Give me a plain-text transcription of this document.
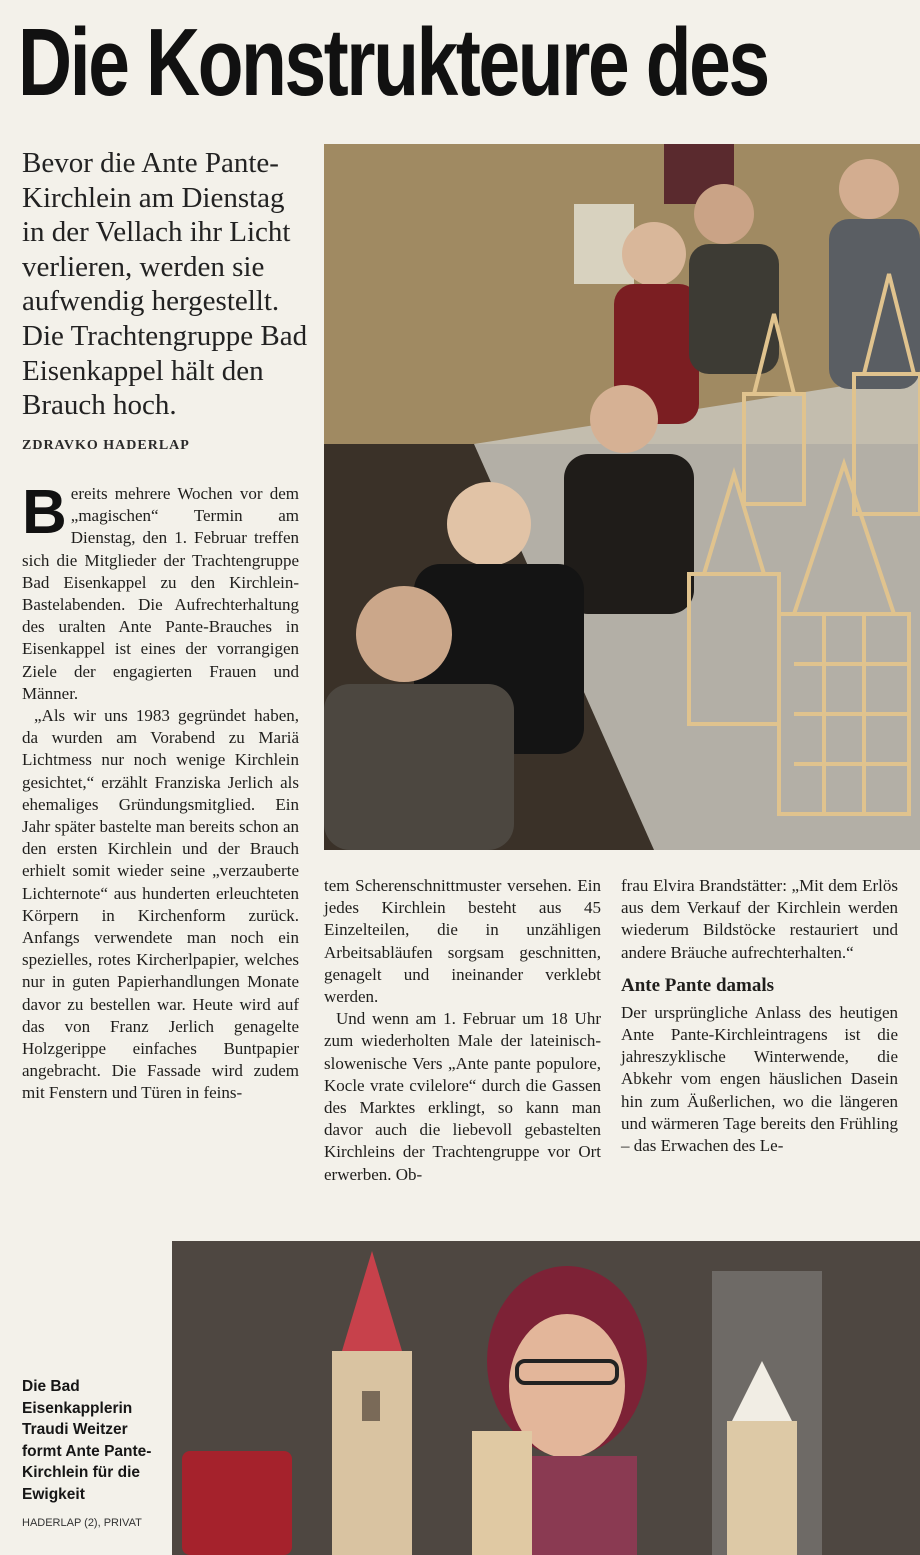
Die Konstrukteure des

Bevor die Ante Pante-Kirchlein am Dienstag in der Vellach ihr Licht verlieren, werden sie aufwendig hergestellt. Die Trachtengruppe Bad Eisenkappel hält den Brauch hoch.

ZDRAVKO HADERLAP

Bereits mehrere Wochen vor dem „magischen“ Termin am Dienstag, den 1. Februar treffen sich die Mitglieder der Trachtengruppe Bad Eisenkappel zu den Kirchlein-Bastelabenden. Die Aufrechterhaltung des uralten Ante Pante-Brauches in Eisenkappel ist eines der vorrangigen Ziele der engagierten Frauen und Männer.

„Als wir uns 1983 gegründet haben, da wurden am Vorabend zu Mariä Lichtmess nur noch wenige Kirchlein gesichtet,“ erzählt Franziska Jerlich als ehemaliges Gründungsmitglied. Ein Jahr später bastelte man bereits schon an den ersten Kirchlein und der Brauch erhielt somit wieder seine „verzauberte Lichternote“ aus hunderten erleuchteten Körpern in Kirchenform zurück. Anfangs verwendete man noch ein spezielles, rotes Kircherlpapier, welches nur in guten Papierhandlungen Monate davor zu bestellen war. Heute wird auf das von Franz Jerlich genagelte Holzgerippe einfaches Buntpapier angebracht. Die Fassade wird zudem mit Fenstern und Türen in feins-

tem Scherenschnittmuster versehen. Ein jedes Kirchlein besteht aus 45 Einzelteilen, die in unzähligen Arbeitsabläufen sorgsam geschnitten, genagelt und ineinander verklebt werden.

Und wenn am 1. Februar um 18 Uhr zum wiederholten Male der lateinisch-slowenische Vers „Ante pante populore, Kocle vrate cvilelore“ durch die Gassen des Marktes erklingt, so kann man davor auch die liebevoll gebastelten Kirchleins der Trachtengruppe vor Ort erwerben. Ob-

frau Elvira Brandstätter: „Mit dem Erlös aus dem Verkauf der Kirchlein werden wiederum Bildstöcke restauriert und andere Bräuche aufrechterhalten.“

Ante Pante damals

Der ursprüngliche Anlass des heutigen Ante Pante-Kirchleintragens ist die jahreszyklische Winterwende, die Abkehr vom engen häuslichen Dasein hin zum Äußerlichen, wo die längeren und wärmeren Tage bereits den Frühling – das Erwachen des Le-

Die Bad Eisenkapplerin Traudi Weitzer formt Ante Pante-Kirchlein für die Ewigkeit

HADERLAP (2), PRIVAT
